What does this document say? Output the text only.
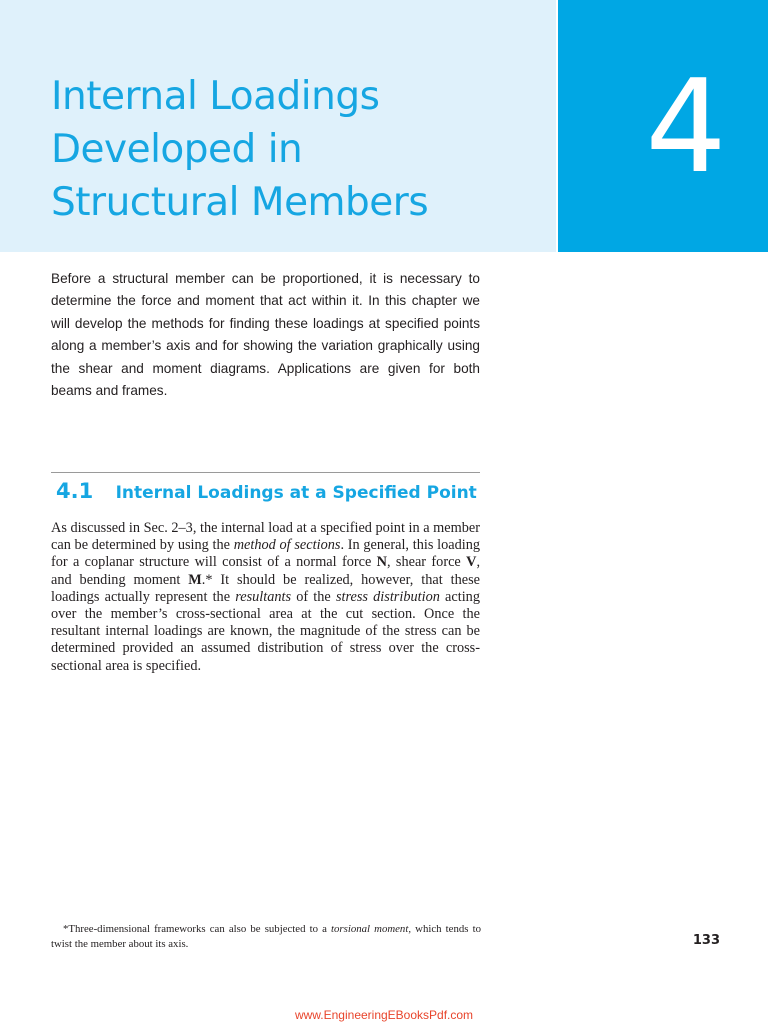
Internal Loadings
Developed in
Structural Members
4

Before a structural member can be proportioned, it is necessary to determine the force and moment that act within it. In this chapter we will develop the methods for finding these loadings at specified points along a member’s axis and for showing the variation graphically using the shear and moment diagrams. Applications are given for both beams and frames.

4.1 Internal Loadings at a Specified Point

As discussed in Sec. 2–3, the internal load at a specified point in a member can be determined by using the method of sections. In general, this loading for a coplanar structure will consist of a normal force N, shear force V, and bending moment M.* It should be realized, however, that these loadings actually represent the resultants of the stress distribution acting over the member’s cross-sectional area at the cut section. Once the resultant internal loadings are known, the magnitude of the stress can be determined provided an assumed distribution of stress over the cross-sectional area is specified.

*Three-dimensional frameworks can also be subjected to a torsional moment, which tends to twist the member about its axis.	133
www.EngineeringEBooksPdf.com
